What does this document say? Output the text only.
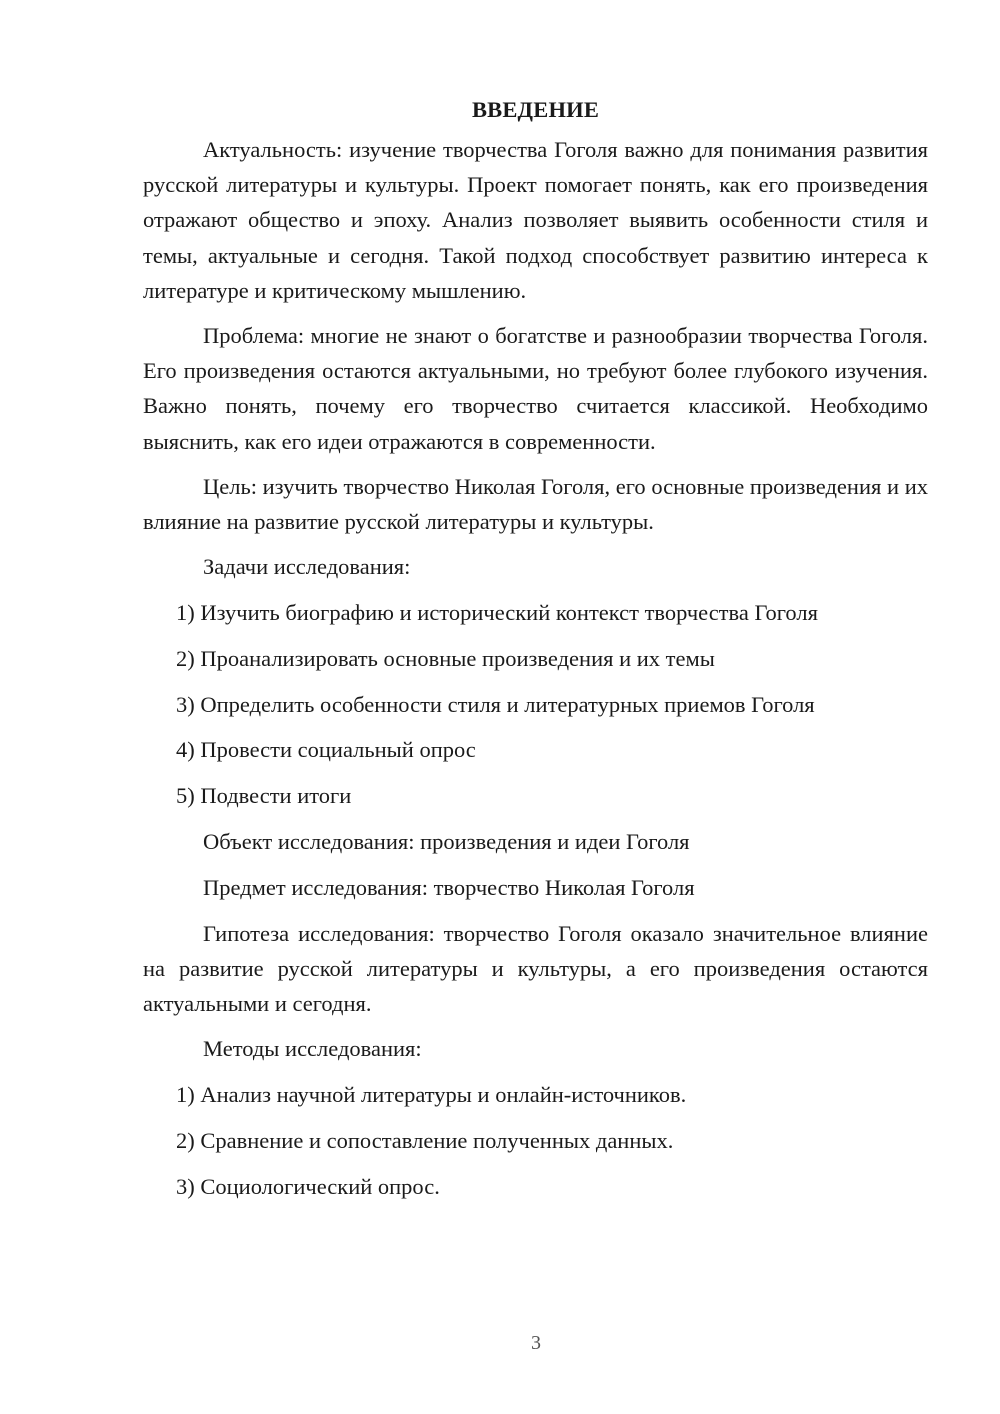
ВВЕДЕНИЕ

Актуальность: изучение творчества Гоголя важно для понимания развития русской литературы и культуры. Проект помогает понять, как его произведения отражают общество и эпоху. Анализ позволяет выявить особенности стиля и темы, актуальные и сегодня. Такой подход способствует развитию интереса к литературе и критическому мышлению.

Проблема: многие не знают о богатстве и разнообразии творчества Гоголя. Его произведения остаются актуальными, но требуют более глубокого изучения. Важно понять, почему его творчество считается классикой. Необходимо выяснить, как его идеи отражаются в современности.

Цель: изучить творчество Николая Гоголя, его основные произведения и их влияние на развитие русской литературы и культуры.

Задачи исследования:
1) Изучить биографию и исторический контекст творчества Гоголя
2) Проанализировать основные произведения и их темы
3) Определить особенности стиля и литературных приемов Гоголя
4) Провести социальный опрос
5) Подвести итоги
Объект исследования: произведения и идеи Гоголя
Предмет исследования: творчество Николая Гоголя

Гипотеза исследования: творчество Гоголя оказало значительное влияние на развитие русской литературы и культуры, а его произведения остаются актуальными и сегодня.

Методы исследования:
1) Анализ научной литературы и онлайн-источников.
2) Сравнение и сопоставление полученных данных.
3) Социологический опрос.
3
